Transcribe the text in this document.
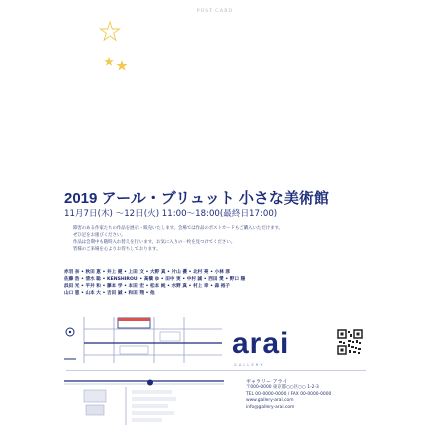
POST CARD
2019 アール・ブリュット 小さな美術館
11月7日(木) 〜12日(火) 11:00〜18:00(最終日17:00)
障害のある作家たちの作品を展示・販売いたします。会場では作品のポストカードもご購入いただけます。
ぜひ足をお運びください。
作品は会期中も随時入れ替えを行います。お気に入りの一枚を見つけてください。
皆様のご来場を心よりお待ちしております。
赤羽 奈 • 秋田 恵 • 井上 健 • 上田 文 • 大野 真 • 片山 優 • 北村 亮 • 小林 淳
佐藤 浩 • 清水 聡 • KENSHIROU • 高橋 ゆ • 田中 実 • 中村 誠 • 西田 愛 • 野口 陽
浜田 光 • 平井 和 • 藤本 学 • 本田 宏 • 松本 純 • 水野 真 • 村上 幸 • 森 裕子
山口 恵 • 山本 大 • 吉田 誠 • 和田 翔 • 他
arai
G A L L E R Y
ギャラリー アライ
〒000-0000 東京都○○区○○ 1-2-3
TEL 00-0000-0000 / FAX 00-0000-0000
www.gallery-arai.com
info@gallery-arai.com
